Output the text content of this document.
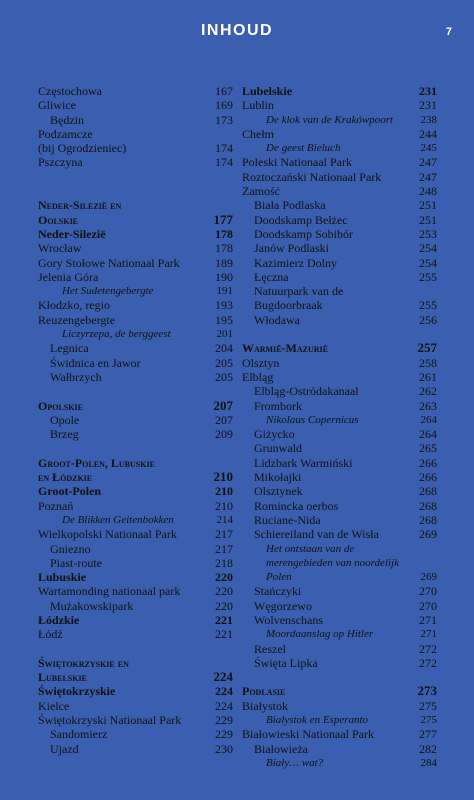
INHOUD	7
Częstochowa	167
Gliwice	169
Będzin	173
Podzamcze
(bij Ogrodzieniec)	174
Pszczyna	174
Neder-Silezië en
Oolskie	177
Neder-Silezië	178
Wrocław	178
Gory Stołowe Nationaal Park	189
Jelenia Góra	190
Het Sudetengebergte	191
Kłodzko, regio	193
Reuzengebergte	195
Liczyrzepa, de berggeest	201
Legnica	204
Świdnica en Jawor	205
Wałbrzych	205
Opolskie	207
Opole	207
Brzeg	209
Groot-Polen, Lubuskie
en Łódzkie	210
Groot-Polen	210
Poznań	210
De Blikken Geitenbokken	214
Wielkopolski Nationaal Park	217
Gniezno	217
Piast-route	218
Lubuskie	220
Wartamonding nationaal park	220
Mużakowskipark	220
Łódzkie	221
Łódź	221
Świętokrzyskie en
Lubelskie	224
Świętokrzyskie	224
Kielce	224
Świętokrzyski Nationaal Park	229
Sandomierz	229
Ujazd	230
Lubelskie	231
Lublin	231
De klok van de Krakówpoort	238
Chełm	244
De geest Bieluch	245
Poleski Nationaal Park	247
Roztoczański Nationaal Park	247
Zamość	248
Biała Podlaska	251
Doodskamp Bełżec	251
Doodskamp Sobibór	253
Janów Podlaski	254
Kazimierz Dolny	254
Łęczna	255
Natuurpark van de
Bugdoorbraak	255
Włodawa	256
Warmië-Mazurië	257
Olsztyn	258
Elbląg	261
Elbląg-Ostródakanaal	262
Frombork	263
Nikolaus Copernicus	264
Giżycko	264
Grunwald	265
Lidzbark Warmiński	266
Mikołajki	266
Olsztynek	268
Romincka oerbos	268
Ruciane-Nida	268
Schiereiland van de Wisła	269
Het ontstaan van de
merengebieden van noordelijk
Polen	269
Stańczyki	270
Węgorzewo	270
Wolvenschans	271
Moordaanslag op Hitler	271
Reszel	272
Święta Lipka	272
Podlasie	273
Białystok	275
Białystok en Esperanto	275
Białowieski Nationaal Park	277
Białowieża	282
Biały… wat?	284
